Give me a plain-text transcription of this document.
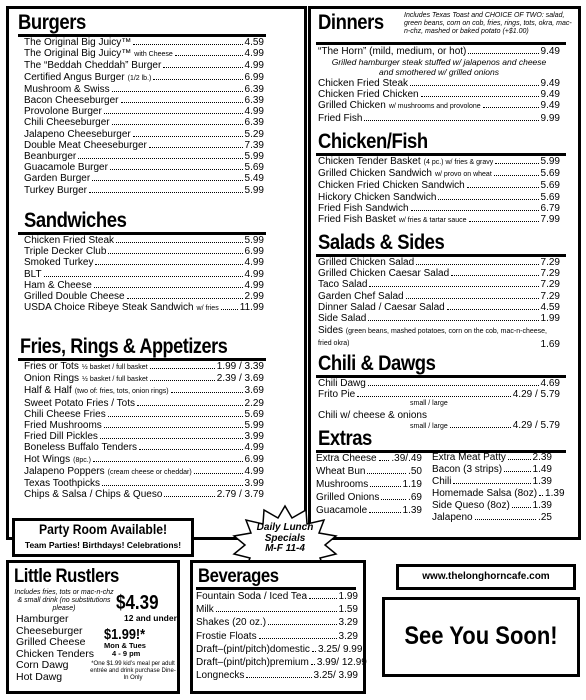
Burgers
The Original Big Juicy™	4.59
The Original Big Juicy™ with Cheese	4.99
The “Beddah Cheddah” Burger	4.99
Certified Angus Burger (1/2 lb.)	6.99
Mushroom & Swiss	6.39
Bacon Cheeseburger	6.39
Provolone Burger	4.99
Chili Cheeseburger	6.39
Jalapeno Cheeseburger	5.29
Double Meat Cheeseburger	7.39
Beanburger	5.99
Guacamole Burger	5.69
Garden Burger	5.49
Turkey Burger	5.99
Sandwiches
Chicken Fried Steak	5.99
Triple Decker Club	6.99
Smoked Turkey	4.99
BLT	4.99
Ham & Cheese	4.99
Grilled Double Cheese	2.99
USDA Choice Ribeye Steak Sandwich w/ fries 11.99
Fries, Rings & Appetizers
Fries or Tots ½ basket / full basket	1.99 / 3.39
Onion Rings ½ basket / full basket	2.39 / 3.69
Half & Half (two of: fries, tots, onion rings)	3.69
Sweet Potato Fries / Tots	2.29
Chili Cheese Fries	5.69
Fried Mushrooms	5.99
Fried Dill Pickles	3.99
Boneless Buffalo Tenders	4.99
Hot Wings (8pc.)	6.99
Jalapeno Poppers (cream cheese or cheddar)	4.99
Texas Toothpicks	3.99
Chips & Salsa / Chips & Queso	2.79 / 3.79
Dinners	Includes Texas Toast and CHOICE OF TWO: salad, green beans, corn on cob, fries, rings, tots, okra, mac-n-chz, mashed or baked potato (+$1.00)
“The Horn” (mild, medium, or hot)	9.49
Grilled hamburger steak stuffed w/ jalapenos and cheese and smothered w/ grilled onions
Chicken Fried Steak	9.49
Chicken Fried Chicken	9.49
Grilled Chicken w/ mushrooms and provolone	9.49
Fried Fish	9.99
Chicken/Fish
Chicken Tender Basket (4 pc.) w/ fries & gravy	5.99
Grilled Chicken Sandwich w/ provo on wheat	5.69
Chicken Fried Chicken Sandwich	5.69
Hickory Chicken Sandwich	5.69
Fried Fish Sandwich	6.79
Fried Fish Basket w/ fries & tartar sauce	7.99
Salads & Sides
Grilled Chicken Salad	7.29
Grilled Chicken Caesar Salad	7.29
Taco Salad	7.29
Garden Chef Salad	7.29
Dinner Salad / Caesar Salad	4.59
Side Salad	1.99
Sides (green beans, mashed potatoes, corn on the cob, mac-n-cheese, fried okra)	1.69
Chili & Dawgs
Chili Dawg	4.69
Frito Pie	4.29 / 5.79
small / large
Chili w/ cheese & onions
small / large	4.29 / 5.79
Extras
Extra Cheese .39/.49
Wheat Bun	.50
Mushrooms	1.19
Grilled Onions	.69
Guacamole	1.39
Extra Meat Patty	2.39
Bacon (3 strips)	1.49
Chili	1.39
Homemade Salsa (8oz) 1.39
Side Queso (8oz) 1.39
Jalapeno	.25
Party Room Available!
Team Parties! Birthdays! Celebrations!
Daily Lunch
Specials
M-F 11-4
Little Rustlers
Includes fries, tots or mac-n-chz & small drink (no substitutions please)	$4.39
12 and under
Hamburger
Cheeseburger
Grilled Cheese
Chicken Tenders
Corn Dawg
Hot Dawg
$1.99!*
Mon & Tues
4 - 9 pm
*One $1.99 kid’s meal per adult entrée and drink purchase Dine-In Only
Beverages
Fountain Soda / Iced Tea	1.99
Milk	1.59
Shakes (20 oz.)	3.29
Frostie Floats	3.29
Draft–(pint/pitch)domestic 3.25/ 9.99
Draft–(pint/pitch)premium 3.99/ 12.99
Longnecks	3.25/ 3.99
www.thelonghorncafe.com
See You Soon!
